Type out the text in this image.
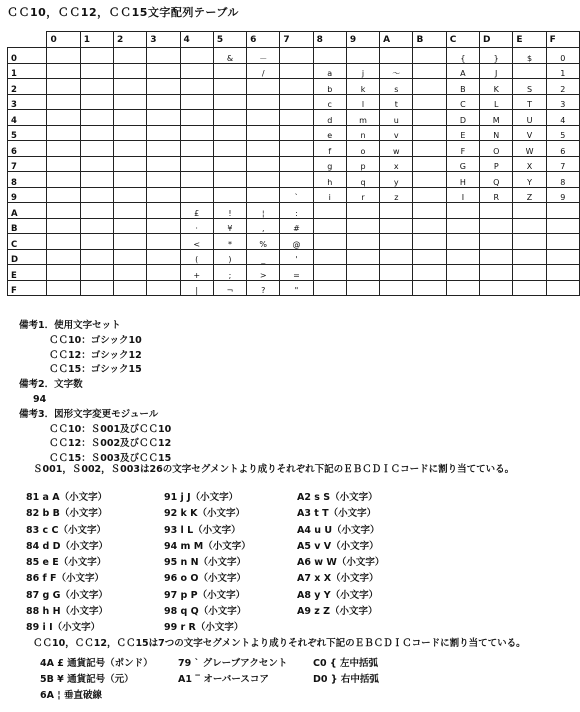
ＣＣ10，ＣＣ12，ＣＣ15文字配列テーブル
	0	1	2	3	4	5	6	7	8	9	A	B	C	D	E	F
0						&	－						{	}	$	0
1							/		a	j	～		A	J		1
2									b	k	s		B	K	S	2
3									c	l	t		C	L	T	3
4									d	m	u		D	M	U	4
5									e	n	v		E	N	V	5
6									f	o	w		F	O	W	6
7									g	p	x		G	P	X	7
8									h	q	y		H	Q	Y	8
9								`	i	r	z		I	R	Z	9
A					£	!	¦	:								
B					·	¥	,	#								
C					<	*	%	@								
D					(	)	_	'								
E					+	;	>	=								
F					|	¬	?	"								
備考1．使用文字セット
ＣＣ10：ゴシック10
ＣＣ12：ゴシック12
ＣＣ15：ゴシック15
備考2．文字数
94
備考3．図形文字変更モジュール
ＣＣ10：Ｓ001及びＣＣ10
ＣＣ12：Ｓ002及びＣＣ12
ＣＣ15：Ｓ003及びＣＣ15
Ｓ001，Ｓ002，Ｓ003は26の文字セグメントより成りそれぞれ下記のＥＢＣＤＩＣコードに割り当てている。
81 a A（小文字）
82 b B（小文字）
83 c C（小文字）
84 d D（小文字）
85 e E（小文字）
86 f F（小文字）
87 g G（小文字）
88 h H（小文字）
89 i I（小文字）
91 j J（小文字）
92 k K（小文字）
93 l L（小文字）
94 m M（小文字）
95 n N（小文字）
96 o O（小文字）
97 p P（小文字）
98 q Q（小文字）
99 r R（小文字）
A2 s S（小文字）
A3 t T（小文字）
A4 u U（小文字）
A5 v V（小文字）
A6 w W（小文字）
A7 x X（小文字）
A8 y Y（小文字）
A9 z Z（小文字）
ＣＣ10，ＣＣ12，ＣＣ15は7つの文字セグメントより成りそれぞれ下記のＥＢＣＤＩＣコードに割り当てている。
4A £ 通貨記号（ポンド）
5B ¥ 通貨記号（元）
6A ¦ 垂直破線
79 ` グレーブアクセント
A1 ‾ オーバースコア
C0 { 左中括弧
D0 } 右中括弧
